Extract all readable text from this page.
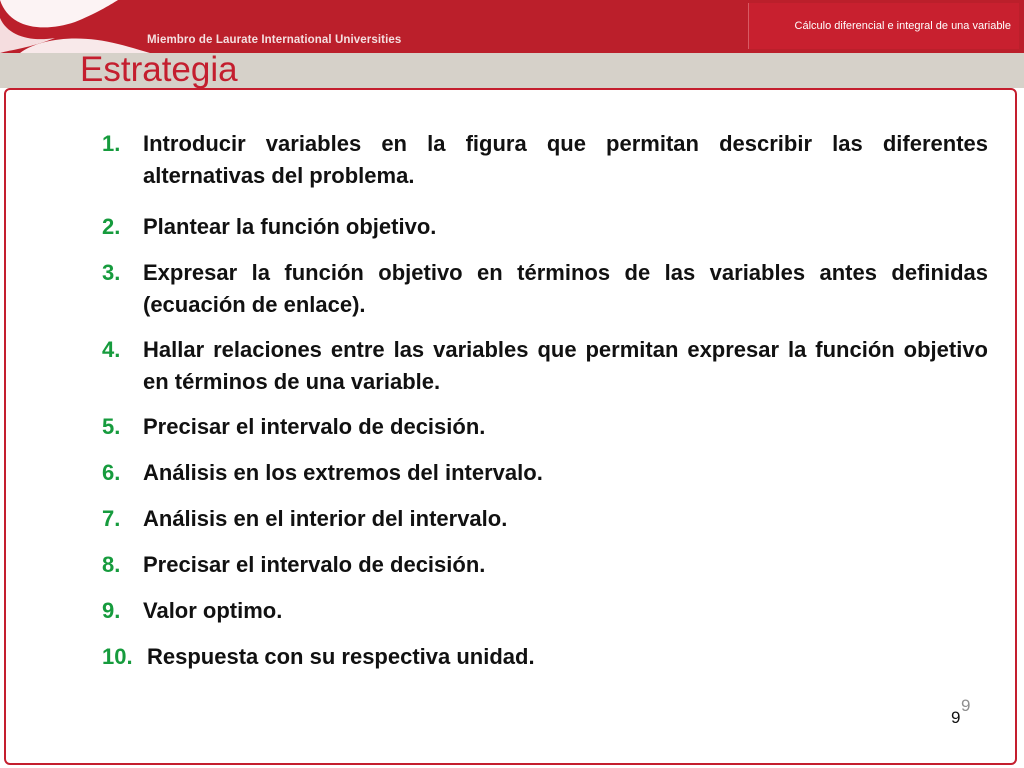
Miembro de Laurate International Universities
Cálculo diferencial e integral de una variable
Estrategia
1. Introducir variables en la figura que permitan describir las diferentes alternativas del problema.
2. Plantear la función objetivo.
3. Expresar la función objetivo en términos de las variables antes definidas (ecuación de enlace).
4. Hallar relaciones entre las variables que permitan expresar la función objetivo en términos de una variable.
5. Precisar el intervalo de decisión.
6. Análisis en los extremos del intervalo.
7. Análisis en el interior del intervalo.
8. Precisar el intervalo de decisión.
9. Valor optimo.
10. Respuesta con su respectiva unidad.
9
9
